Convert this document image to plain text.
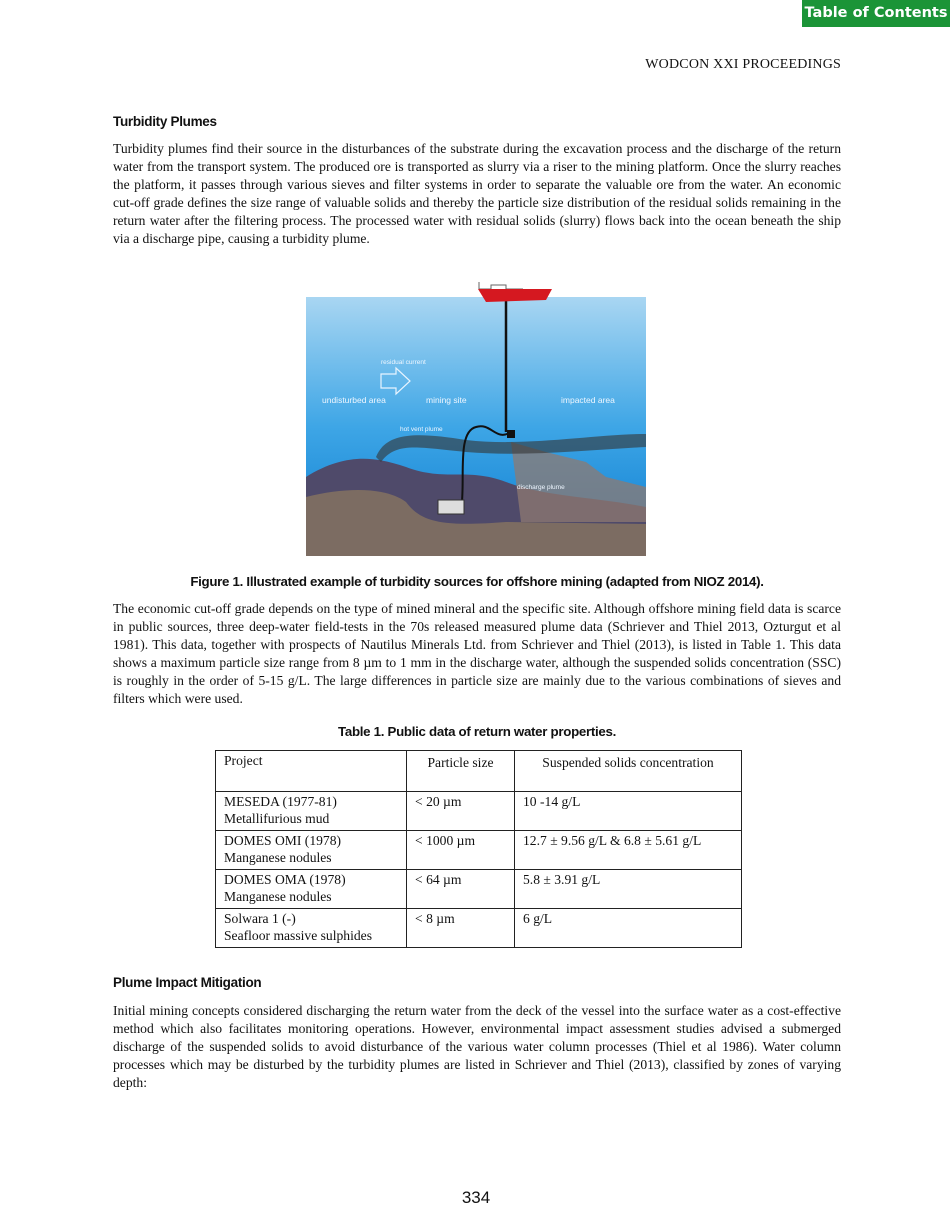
Table of Contents
WODCON XXI PROCEEDINGS
Turbidity Plumes

Turbidity plumes find their source in the disturbances of the substrate during the excavation process and the discharge of the return water from the transport system. The produced ore is transported as slurry via a riser to the mining platform. Once the slurry reaches the platform, it passes through various sieves and filter systems in order to separate the valuable ore from the water. An economic cut-off grade defines the size range of valuable solids and thereby the particle size distribution of the residual solids remaining in the return water after the filtering process. The processed water with residual solids (slurry) flows back into the ocean beneath the ship via a discharge pipe, causing a turbidity plume.

residual current
undisturbed area	mining site	impacted area
hot vent plume
discharge plume
Figure 1. Illustrated example of turbidity sources for offshore mining (adapted from NIOZ 2014).

The economic cut-off grade depends on the type of mined mineral and the specific site. Although offshore mining field data is scarce in public sources, three deep-water field-tests in the 70s released measured plume data (Schriever and Thiel 2013, Ozturgut et al 1981). This data, together with prospects of Nautilus Minerals Ltd. from Schriever and Thiel (2013), is listed in Table 1. This data shows a maximum particle size range from 8 µm to 1 mm in the discharge water, although the suspended solids concentration (SSC) is roughly in the order of 5-15 g/L. The large differences in particle size are mainly due to the various combinations of sieves and filters which were used.

Table 1. Public data of return water properties.
Project	Particle size	Suspended solids concentration
MESEDA (1977-81)
Metallifurious mud	< 20 µm	10 -14 g/L
DOMES OMI (1978)
Manganese nodules	< 1000 µm	12.7 ± 9.56 g/L & 6.8 ± 5.61 g/L
DOMES OMA (1978)
Manganese nodules	< 64 µm	5.8 ± 3.91 g/L
Solwara 1 (-)
Seafloor massive sulphides	< 8 µm	6 g/L
Plume Impact Mitigation

Initial mining concepts considered discharging the return water from the deck of the vessel into the surface water as a cost-effective method which also facilitates monitoring operations. However, environmental impact assessment studies advised a submerged discharge of the suspended solids to avoid disturbance of the various water column processes (Thiel et al 1986). Water column processes which may be disturbed by the turbidity plumes are listed in Schriever and Thiel (2013), classified by zones of varying depth:

334
